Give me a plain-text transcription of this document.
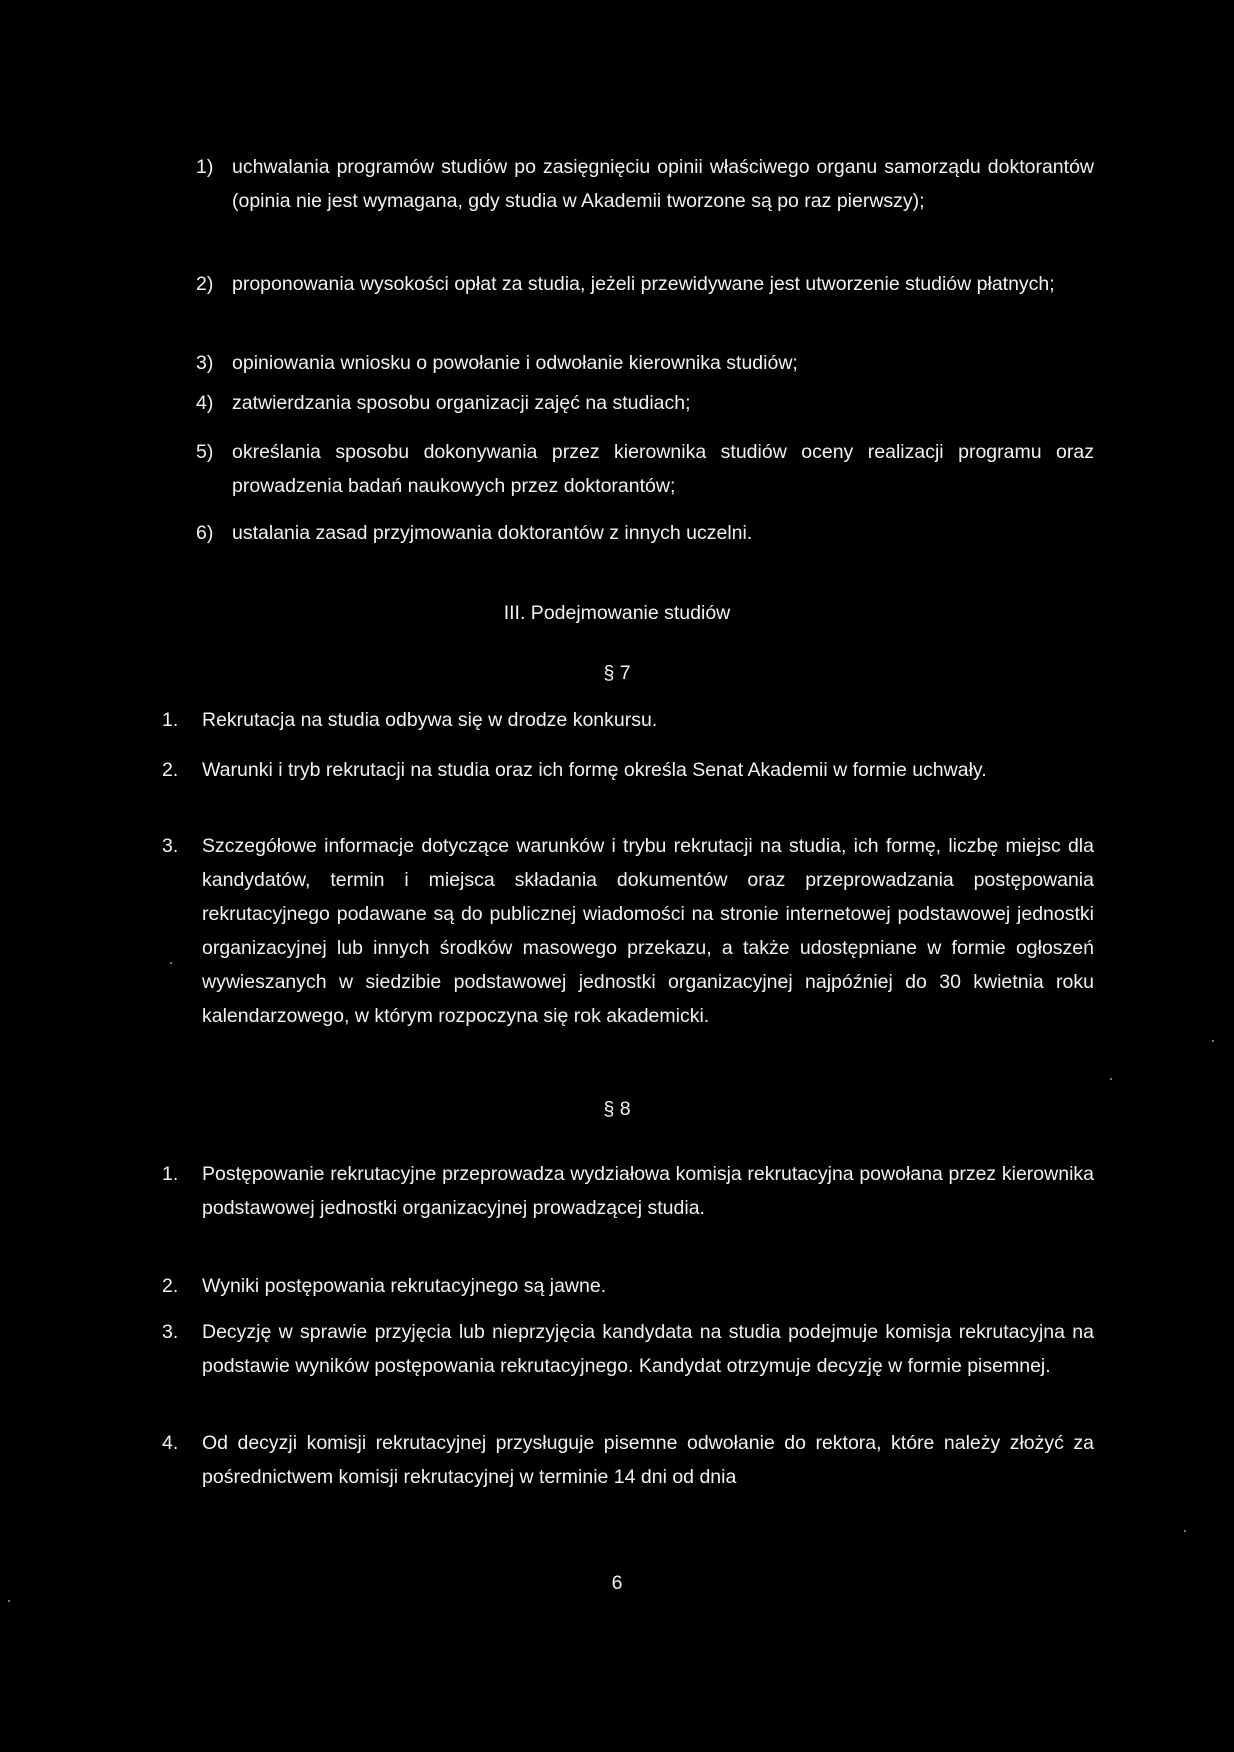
1) uchwalania programów studiów po zasięgnięciu opinii właściwego organu samorządu doktorantów (opinia nie jest wymagana, gdy studia w Akademii tworzone są po raz pierwszy);
2) proponowania wysokości opłat za studia, jeżeli przewidywane jest utworzenie studiów płatnych;
3) opiniowania wniosku o powołanie i odwołanie kierownika studiów;
4) zatwierdzania sposobu organizacji zajęć na studiach;
5) określania sposobu dokonywania przez kierownika studiów oceny realizacji programu oraz prowadzenia badań naukowych przez doktorantów;
6) ustalania zasad przyjmowania doktorantów z innych uczelni.
III. Podejmowanie studiów
§ 7
1. Rekrutacja na studia odbywa się w drodze konkursu.
2. Warunki i tryb rekrutacji na studia oraz ich formę określa Senat Akademii w formie uchwały.
3. Szczegółowe informacje dotyczące warunków i trybu rekrutacji na studia, ich formę, liczbę miejsc dla kandydatów, termin i miejsca składania dokumentów oraz przeprowadzania postępowania rekrutacyjnego podawane są do publicznej wiadomości na stronie internetowej podstawowej jednostki organizacyjnej lub innych środków masowego przekazu, a także udostępniane w formie ogłoszeń wywieszanych w siedzibie podstawowej jednostki organizacyjnej najpóźniej do 30 kwietnia roku kalendarzowego, w którym rozpoczyna się rok akademicki.
§ 8
1. Postępowanie rekrutacyjne przeprowadza wydziałowa komisja rekrutacyjna powołana przez kierownika podstawowej jednostki organizacyjnej prowadzącej studia.
2. Wyniki postępowania rekrutacyjnego są jawne.
3. Decyzję w sprawie przyjęcia lub nieprzyjęcia kandydata na studia podejmuje komisja rekrutacyjna na podstawie wyników postępowania rekrutacyjnego. Kandydat otrzymuje decyzję w formie pisemnej.
4. Od decyzji komisji rekrutacyjnej przysługuje pisemne odwołanie do rektora, które należy złożyć za pośrednictwem komisji rekrutacyjnej w terminie 14 dni od dnia
6
